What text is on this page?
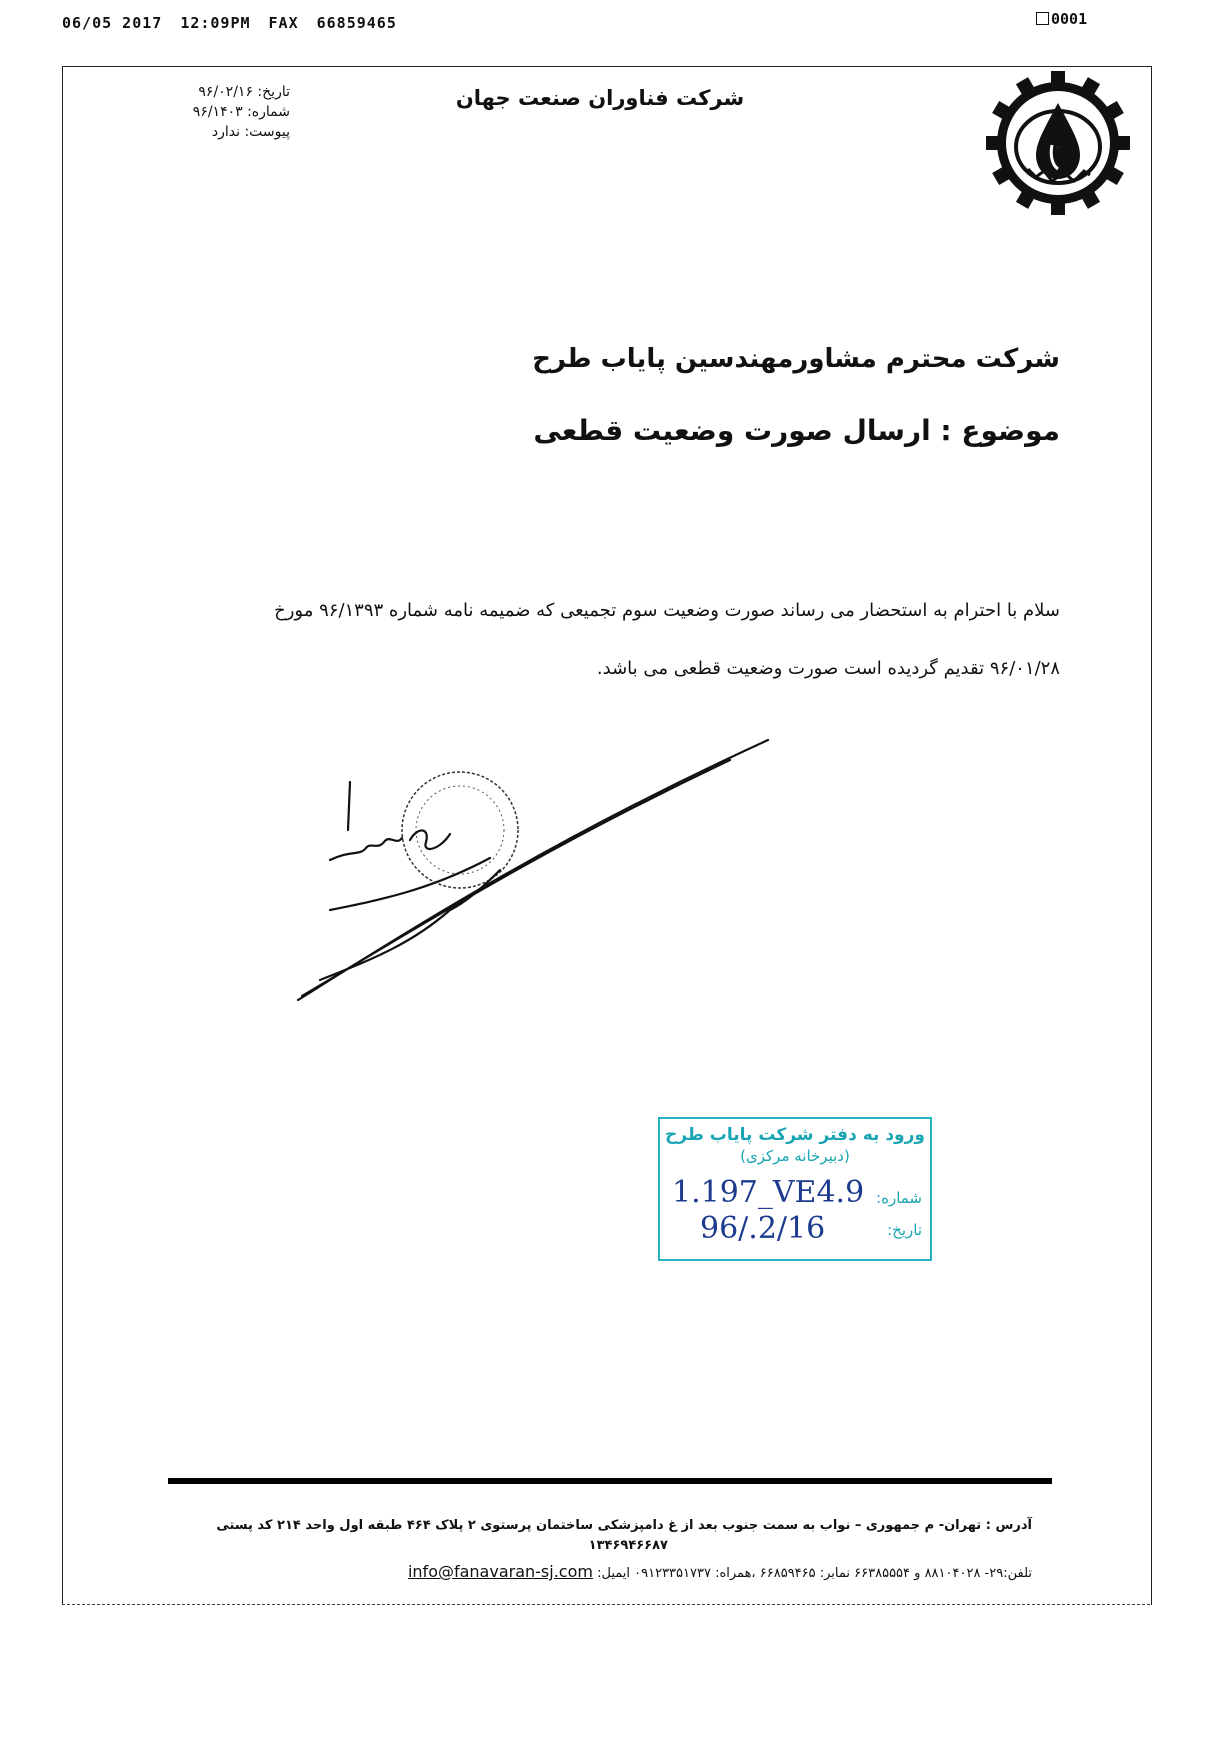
06/05 2017 12:09PM FAX 66859465	0001
FSJ
شرکت فناوران صنعت جهان
تاریخ: ۹۶/۰۲/۱۶
شماره: ۹۶/۱۴۰۳
پیوست: ندارد
شرکت محترم مشاورمهندسین پایاب طرح
موضوع : ارسال صورت وضعیت قطعی
سلام با احترام به استحضار می رساند صورت وضعیت سوم تجمیعی که ضمیمه نامه شماره ۹۶/۱۳۹۳ مورخ
۹۶/۰۱/۲۸ تقدیم گردیده است صورت وضعیت قطعی می باشد.
ورود به دفتر شرکت پایاب طرح
(دبیرخانه مرکزی)
شماره:
1.197_VE4.9
تاریخ:
96/.2/16
آدرس : تهران- م جمهوری – نواب به سمت جنوب بعد از غ دامپزشکی ساختمان پرستوی ۲ پلاک ۴۶۴ طبقه اول واحد ۲۱۴ کد پستی
۱۳۴۶۹۴۶۶۸۷
تلفن:۲۹- ۸۸۱۰۴۰۲۸ و ۶۶۳۸۵۵۵۴ نمابر: ۶۶۸۵۹۴۶۵ ،همراه: ۰۹۱۲۳۳۵۱۷۳۷ ایمیل: info@fanavaran-sj.com
